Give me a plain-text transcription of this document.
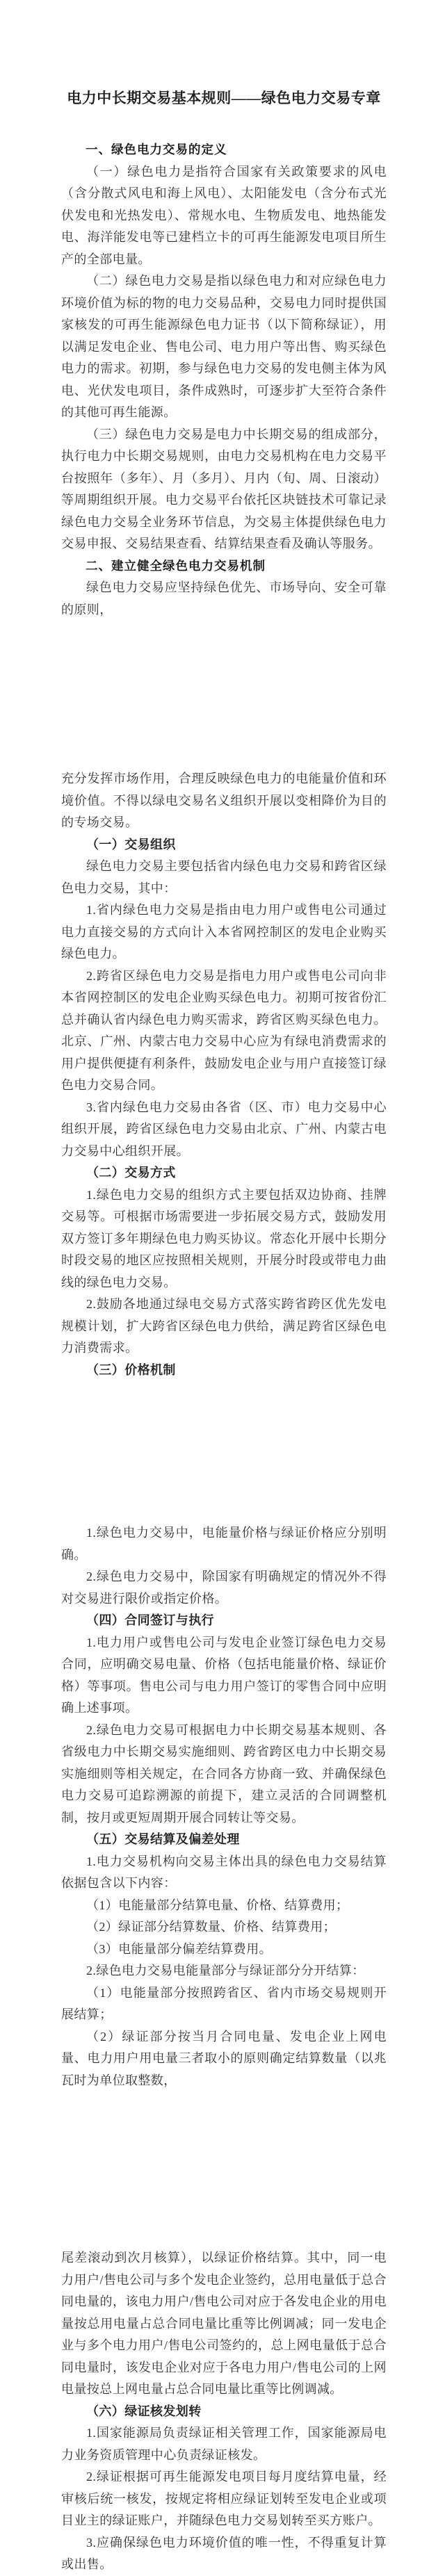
电力中长期交易基本规则——绿色电力交易专章
一、绿色电力交易的定义
（一）绿色电力是指符合国家有关政策要求的风电（含分散式风电和海上风电）、太阳能发电（含分布式光伏发电和光热发电）、常规水电、生物质发电、地热能发电、海洋能发电等已建档立卡的可再生能源发电项目所生产的全部电量。
（二）绿色电力交易是指以绿色电力和对应绿色电力环境价值为标的物的电力交易品种，交易电力同时提供国家核发的可再生能源绿色电力证书（以下简称绿证），用以满足发电企业、售电公司、电力用户等出售、购买绿色电力的需求。初期，参与绿色电力交易的发电侧主体为风电、光伏发电项目，条件成熟时，可逐步扩大至符合条件的其他可再生能源。
（三）绿色电力交易是电力中长期交易的组成部分，执行电力中长期交易规则，由电力交易机构在电力交易平台按照年（多年）、月（多月）、月内（旬、周、日滚动）等周期组织开展。电力交易平台依托区块链技术可靠记录绿色电力交易全业务环节信息，为交易主体提供绿色电力交易申报、交易结果查看、结算结果查看及确认等服务。
二、建立健全绿色电力交易机制
绿色电力交易应坚持绿色优先、市场导向、安全可靠的原则，
充分发挥市场作用，合理反映绿色电力的电能量价值和环境价值。不得以绿电交易名义组织开展以变相降价为目的的专场交易。
（一）交易组织
绿色电力交易主要包括省内绿色电力交易和跨省区绿色电力交易，其中：
1.省内绿色电力交易是指由电力用户或售电公司通过电力直接交易的方式向计入本省网控制区的发电企业购买绿色电力。
2.跨省区绿色电力交易是指电力用户或售电公司向非本省网控制区的发电企业购买绿色电力。初期可按省份汇总并确认省内绿色电力购买需求，跨省区购买绿色电力。北京、广州、内蒙古电力交易中心应为有绿电消费需求的用户提供便捷有利条件，鼓励发电企业与用户直接签订绿色电力交易合同。
3.省内绿色电力交易由各省（区、市）电力交易中心组织开展，跨省区绿色电力交易由北京、广州、内蒙古电力交易中心组织开展。
（二）交易方式
1.绿色电力交易的组织方式主要包括双边协商、挂牌交易等。可根据市场需要进一步拓展交易方式，鼓励发用双方签订多年期绿色电力购买协议。常态化开展中长期分时段交易的地区应按照相关规则，开展分时段或带电力曲线的绿色电力交易。
2.鼓励各地通过绿电交易方式落实跨省跨区优先发电规模计划，扩大跨省区绿色电力供给，满足跨省区绿色电力消费需求。
（三）价格机制
1.绿色电力交易中，电能量价格与绿证价格应分别明确。
2.绿色电力交易中，除国家有明确规定的情况外不得对交易进行限价或指定价格。
（四）合同签订与执行
1.电力用户或售电公司与发电企业签订绿色电力交易合同，应明确交易电量、价格（包括电能量价格、绿证价格）等事项。售电公司与电力用户签订的零售合同中应明确上述事项。
2.绿色电力交易可根据电力中长期交易基本规则、各省级电力中长期交易实施细则、跨省跨区电力中长期交易实施细则等相关规定，在合同各方协商一致、并确保绿色电力交易可追踪溯源的前提下，建立灵活的合同调整机制，按月或更短周期开展合同转让等交易。
（五）交易结算及偏差处理
1.电力交易机构向交易主体出具的绿色电力交易结算依据包含以下内容：
（1）电能量部分结算电量、价格、结算费用；
（2）绿证部分结算数量、价格、结算费用；
（3）电能量部分偏差结算费用。
2.绿色电力交易电能量部分与绿证部分分开结算：
（1）电能量部分按照跨省区、省内市场交易规则开展结算；
（2）绿证部分按当月合同电量、发电企业上网电量、电力用户用电量三者取小的原则确定结算数量（以兆瓦时为单位取整数，
尾差滚动到次月核算），以绿证价格结算。其中，同一电力用户/售电公司与多个发电企业签约，总用电量低于总合同电量的，该电力用户/售电公司对应于各发电企业的用电量按总用电量占总合同电量比重等比例调减；同一发电企业与多个电力用户/售电公司签约的，总上网电量低于总合同电量时，该发电企业对应于各电力用户/售电公司的上网电量按总上网电量占总合同电量比重等比例调减。
（六）绿证核发划转
1.国家能源局负责绿证相关管理工作，国家能源局电力业务资质管理中心负责绿证核发。
2.绿证根据可再生能源发电项目每月度结算电量，经审核后统一核发，按规定将相应绿证划转至发电企业或项目业主的绿证账户，并随绿色电力交易划转至买方账户。
3.应确保绿色电力环境价值的唯一性，不得重复计算或出售。
